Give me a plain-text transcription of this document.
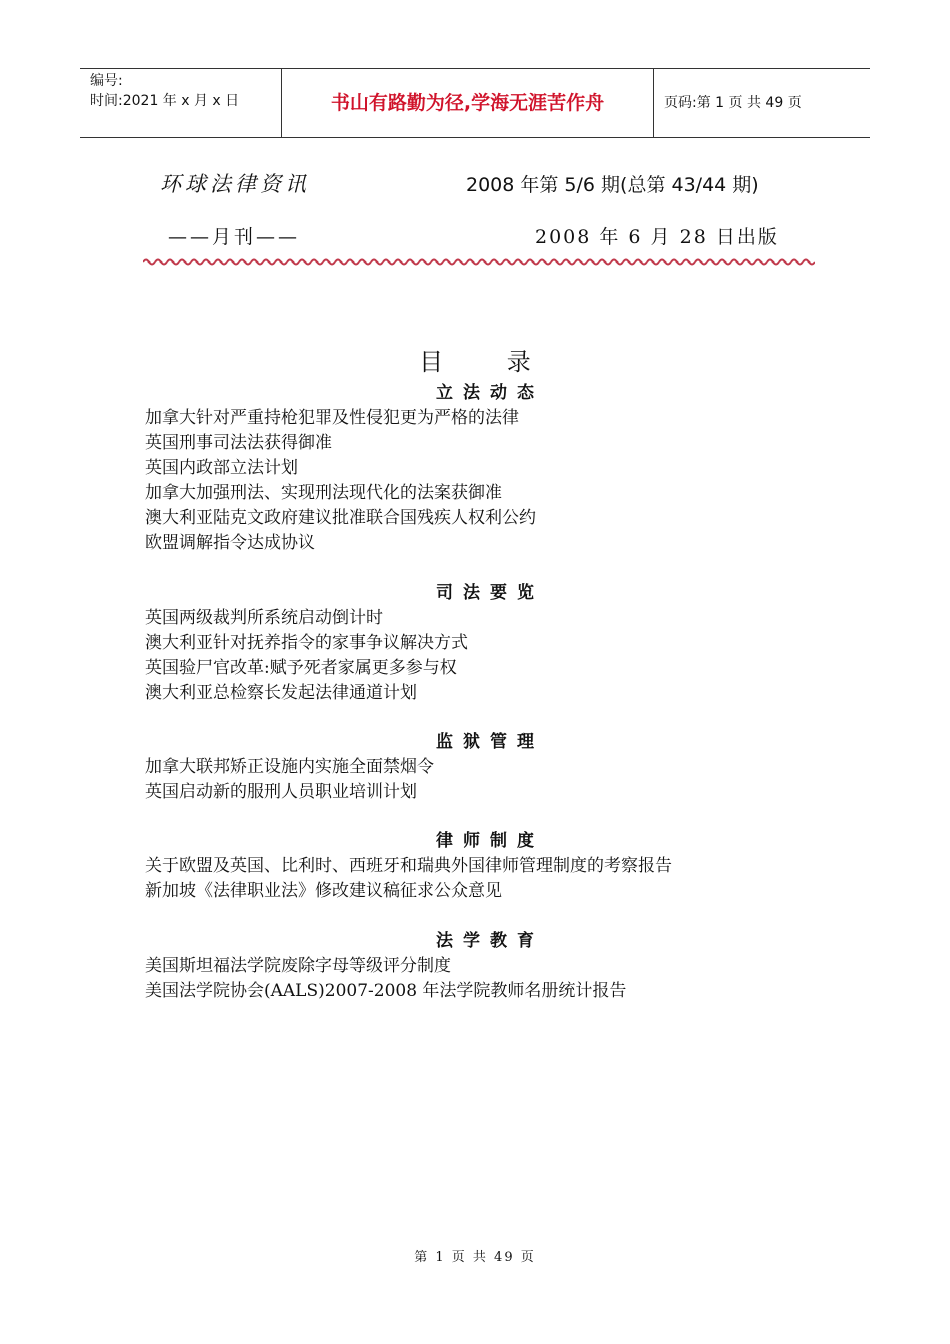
编号:
时间:2021 年 x 月 x 日	书山有路勤为径,学海无涯苦作舟	页码:第 1 页 共 49 页
环球法律资讯	2008 年第 5/6 期(总第 43/44 期)
——月刊——	2008 年 6 月 28 日出版
目 录
立法动态
加拿大针对严重持枪犯罪及性侵犯更为严格的法律
英国刑事司法法获得御准
英国内政部立法计划
加拿大加强刑法、实现刑法现代化的法案获御准
澳大利亚陆克文政府建议批准联合国残疾人权利公约
欧盟调解指令达成协议
司法要览
英国两级裁判所系统启动倒计时
澳大利亚针对抚养指令的家事争议解决方式
英国验尸官改革:赋予死者家属更多参与权
澳大利亚总检察长发起法律通道计划
监狱管理
加拿大联邦矫正设施内实施全面禁烟令
英国启动新的服刑人员职业培训计划
律师制度
关于欧盟及英国、比利时、西班牙和瑞典外国律师管理制度的考察报告
新加坡《法律职业法》修改建议稿征求公众意见
法学教育
美国斯坦福法学院废除字母等级评分制度
美国法学院协会(AALS)2007-2008 年法学院教师名册统计报告
第 1 页 共 49 页
